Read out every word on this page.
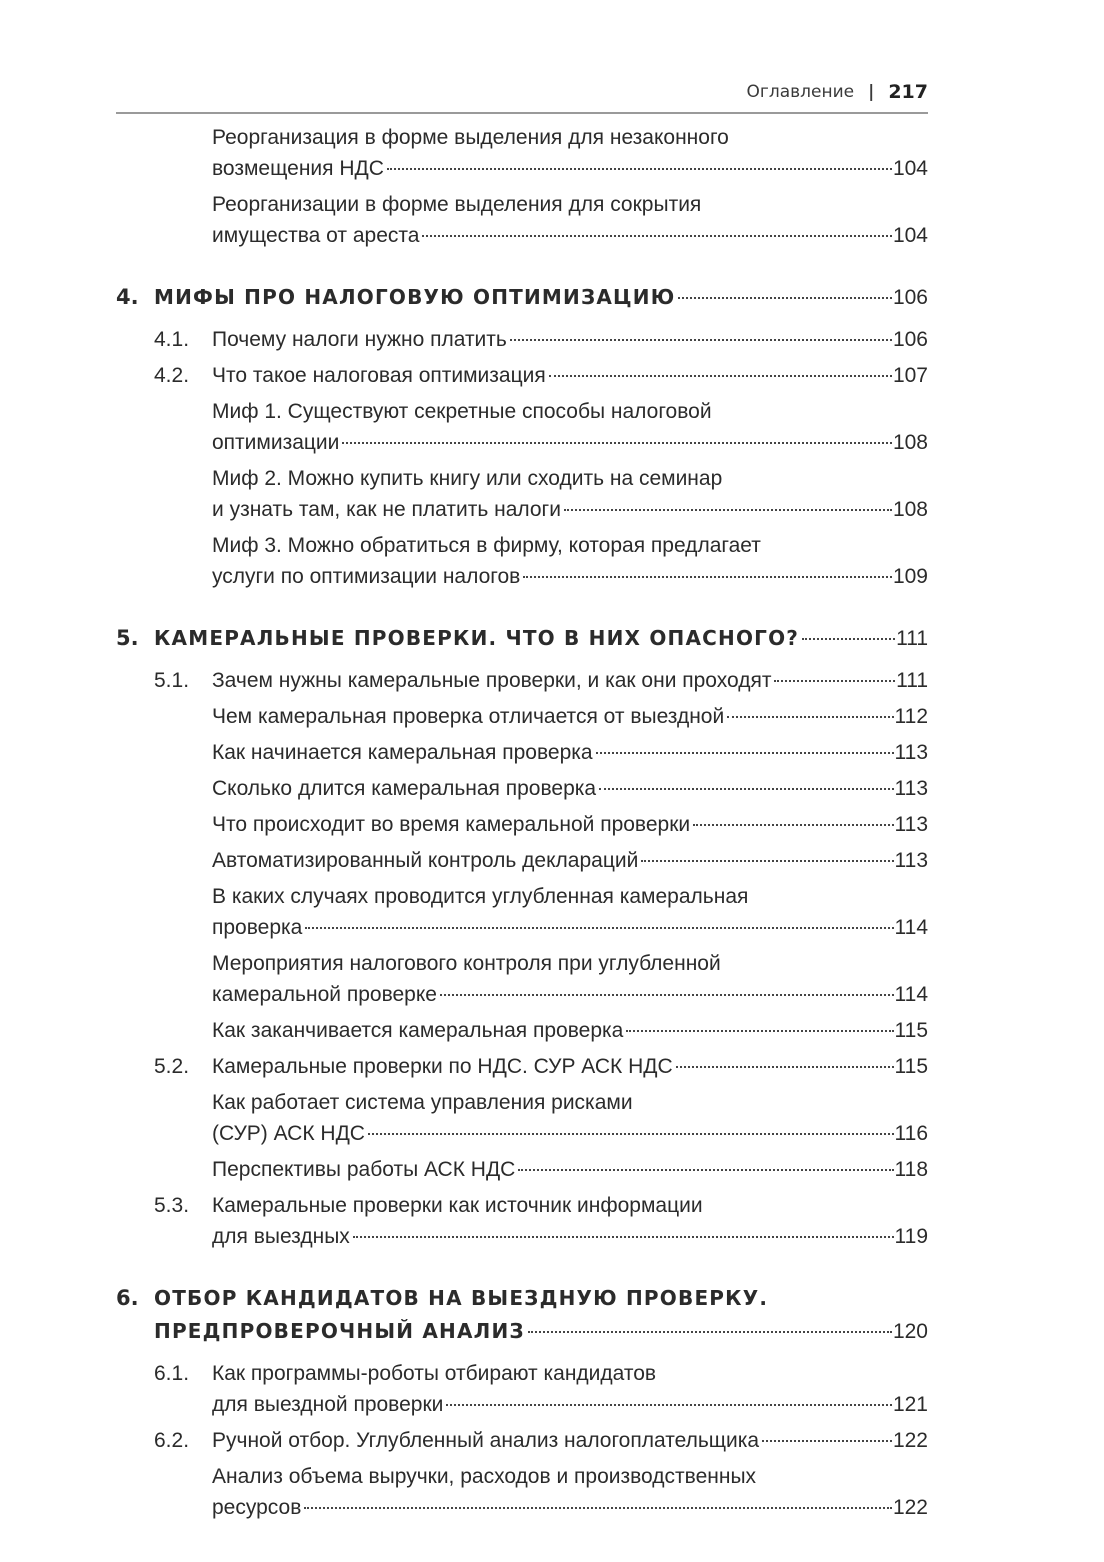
Оглавление | 217
Реорганизация в форме выделения для незаконного
возмещения НДС	104
Реорганизации в форме выделения для сокрытия
имущества от ареста	104
4. МИФЫ ПРО НАЛОГОВУЮ ОПТИМИЗАЦИЮ	106
4.1. Почему налоги нужно платить	106
4.2. Что такое налоговая оптимизация	107
Миф 1. Существуют секретные способы налоговой
оптимизации	108
Миф 2. Можно купить книгу или сходить на семинар
и узнать там, как не платить налоги	108
Миф 3. Можно обратиться в фирму, которая предлагает
услуги по оптимизации налогов	109
5. КАМЕРАЛЬНЫЕ ПРОВЕРКИ. ЧТО В НИХ ОПАСНОГО?	111
5.1. Зачем нужны камеральные проверки, и как они проходят	111
Чем камеральная проверка отличается от выездной	112
Как начинается камеральная проверка	113
Сколько длится камеральная проверка	113
Что происходит во время камеральной проверки	113
Автоматизированный контроль деклараций	113
В каких случаях проводится углубленная камеральная
проверка	114
Мероприятия налогового контроля при углубленной
камеральной проверке	114
Как заканчивается камеральная проверка	115
5.2. Камеральные проверки по НДС. СУР АСК НДС	115
Как работает система управления рисками
(СУР) АСК НДС	116
Перспективы работы АСК НДС	118
5.3. Камеральные проверки как источник информации
для выездных	119
6. ОТБОР КАНДИДАТОВ НА ВЫЕЗДНУЮ ПРОВЕРКУ.
ПРЕДПРОВЕРОЧНЫЙ АНАЛИЗ	120
6.1. Как программы-роботы отбирают кандидатов
для выездной проверки	121
6.2. Ручной отбор. Углубленный анализ налогоплательщика	122
Анализ объема выручки, расходов и производственных
ресурсов	122
